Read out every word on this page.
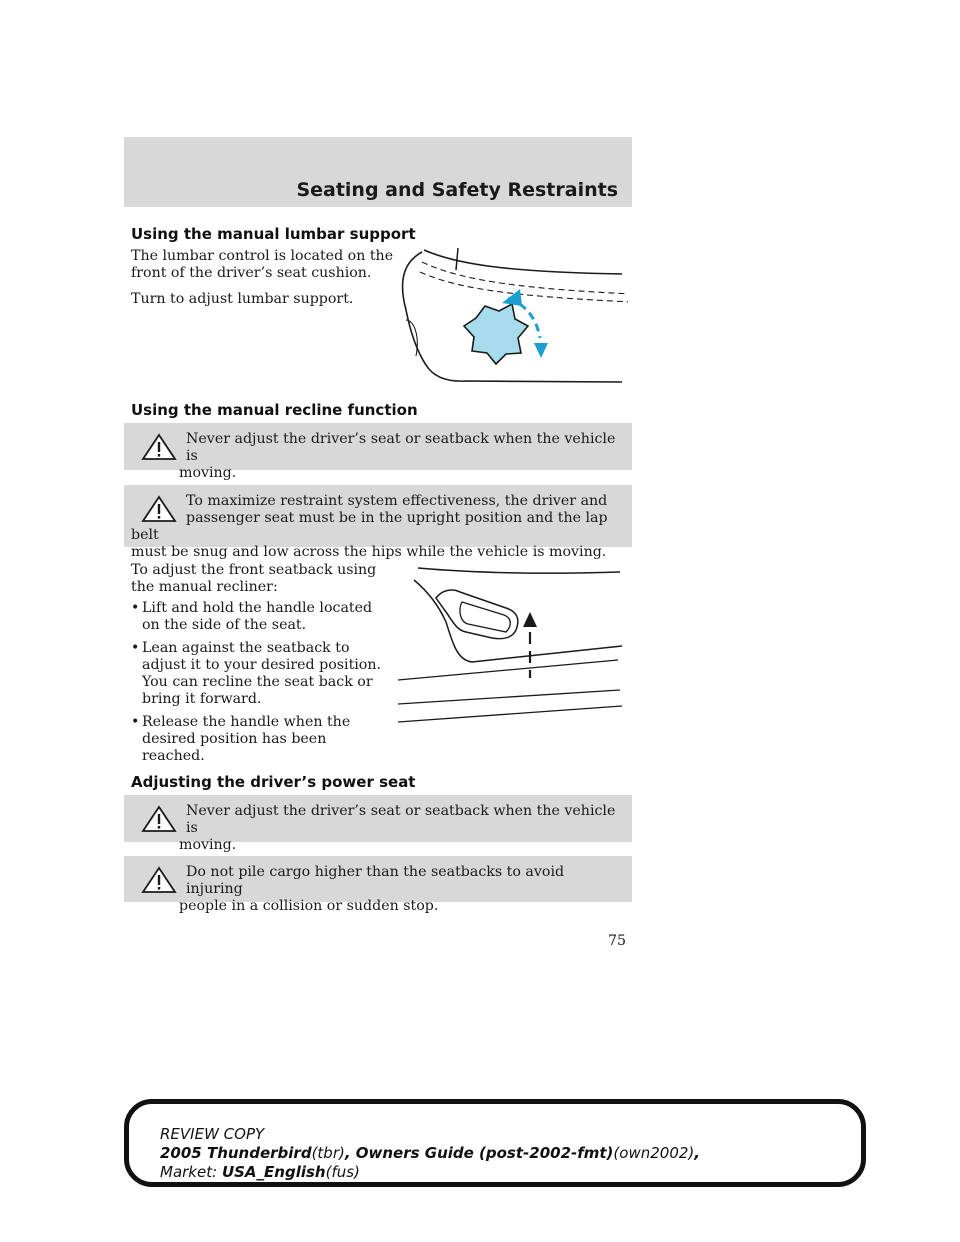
Seating and Safety Restraints
Using the manual lumbar support
The lumbar control is located on the
front of the driver’s seat cushion.
Turn to adjust lumbar support.
Using the manual recline function

Never adjust the driver’s seat or seatback when the vehicle is

moving.

To maximize restraint system effectiveness, the driver and

passenger seat must be in the upright position and the lap belt

must be snug and low across the hips while the vehicle is moving.

To adjust the front seatback using
the manual recliner:
• Lift and hold the handle located on the side of the seat.
• Lean against the seatback to adjust it to your desired position. You can recline the seat back or bring it forward.
• Release the handle when the desired position has been reached.
Adjusting the driver’s power seat

Never adjust the driver’s seat or seatback when the vehicle is

moving.

Do not pile cargo higher than the seatbacks to avoid injuring

people in a collision or sudden stop.

75
REVIEW COPY
2005 Thunderbird(tbr), Owners Guide (post-2002-fmt)(own2002),
Market: USA_English(fus)
